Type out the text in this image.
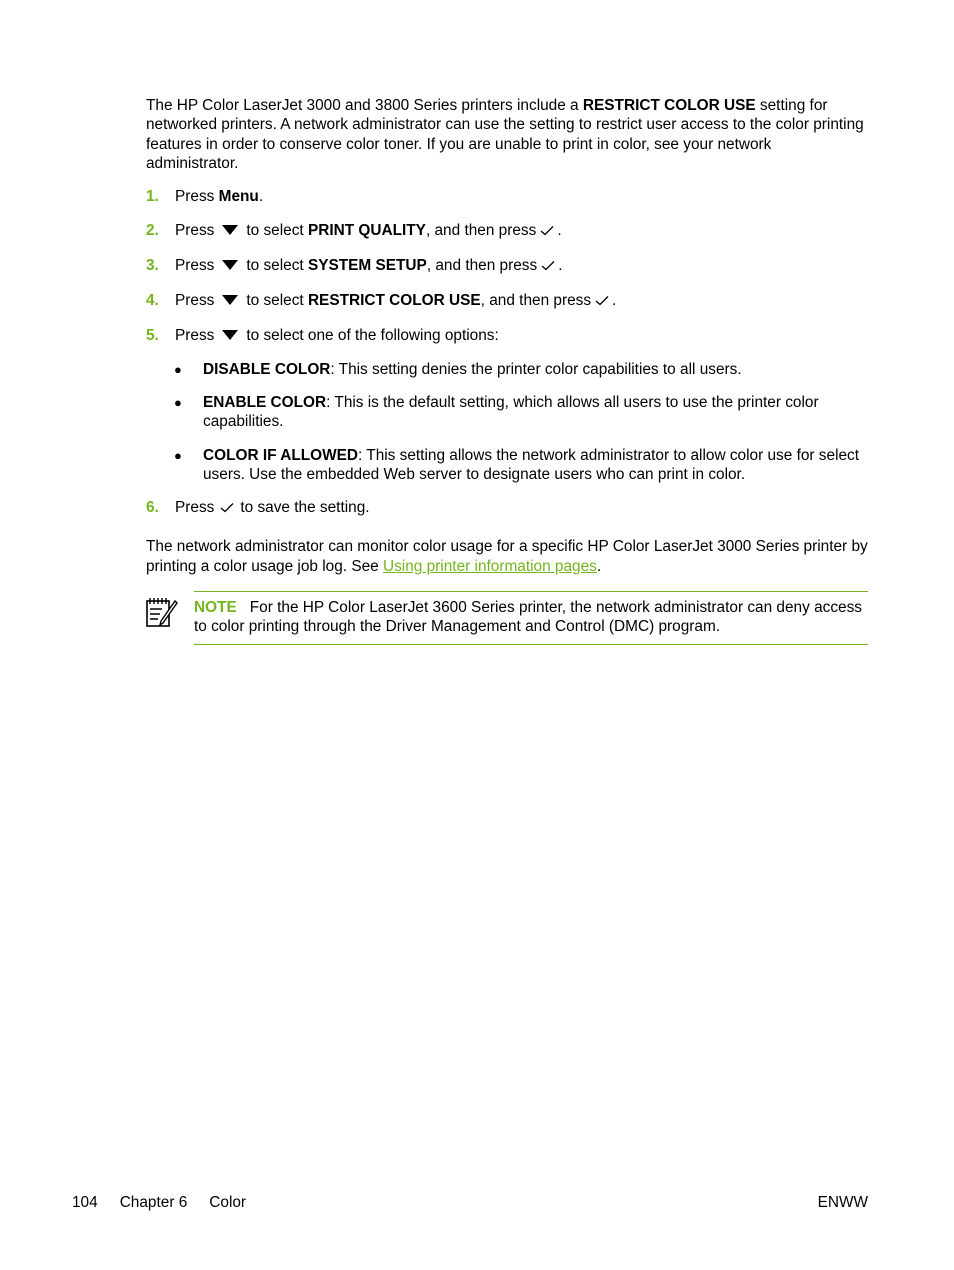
The HP Color LaserJet 3000 and 3800 Series printers include a RESTRICT COLOR USE setting for networked printers. A network administrator can use the setting to restrict user access to the color printing features in order to conserve color toner. If you are unable to print in color, see your network administrator.

1. Press Menu.
2. Press to select PRINT QUALITY, and then press .
3. Press to select SYSTEM SETUP, and then press .
4. Press to select RESTRICT COLOR USE, and then press .
5. Press to select one of the following options:
● DISABLE COLOR: This setting denies the printer color capabilities to all users.
● ENABLE COLOR: This is the default setting, which allows all users to use the printer color capabilities.
● COLOR IF ALLOWED: This setting allows the network administrator to allow color use for select users. Use the embedded Web server to designate users who can print in color.
6. Press to save the setting.

The network administrator can monitor color usage for a specific HP Color LaserJet 3000 Series printer by printing a color usage job log. See Using printer information pages.

NOTE For the HP Color LaserJet 3600 Series printer, the network administrator can deny access to color printing through the Driver Management and Control (DMC) program.
104 Chapter 6 Color	ENWW
